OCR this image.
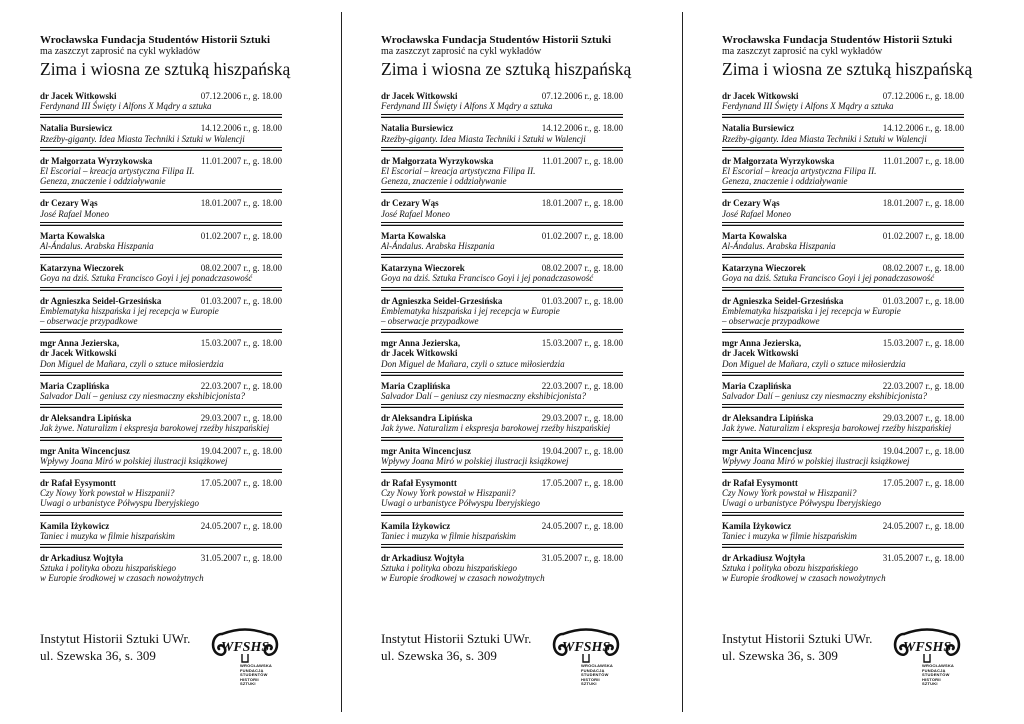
Wrocławska Fundacja Studentów Historii Sztuki
ma zaszczyt zaprosić na cykl wykładów
Zima i wiosna ze sztuką hiszpańską
dr Jacek Witkowski	07.12.2006 r., g. 18.00
Ferdynand III Święty i Alfons X Mądry a sztuka
Natalia Bursiewicz	14.12.2006 r., g. 18.00
Rzeźby-giganty. Idea Miasta Techniki i Sztuki w Walencji
dr Małgorzata Wyrzykowska	11.01.2007 r., g. 18.00
El Escorial – kreacja artystyczna Filipa II.
Geneza, znaczenie i oddziaływanie
dr Cezary Wąs	18.01.2007 r., g. 18.00
José Rafael Moneo
Marta Kowalska	01.02.2007 r., g. 18.00
Al-Ándalus. Arabska Hiszpania
Katarzyna Wieczorek	08.02.2007 r., g. 18.00
Goya na dziś. Sztuka Francisco Goyi i jej ponadczasowość
dr Agnieszka Seidel-Grzesińska	01.03.2007 r., g. 18.00
Emblematyka hiszpańska i jej recepcja w Europie
– obserwacje przypadkowe
mgr Anna Jezierska,	15.03.2007 r., g. 18.00
dr Jacek Witkowski
Don Miguel de Mañara, czyli o sztuce miłosierdzia
Maria Czaplińska	22.03.2007 r., g. 18.00
Salvador Dalí – geniusz czy niesmaczny ekshibicjonista?
dr Aleksandra Lipińska	29.03.2007 r., g. 18.00
Jak żywe. Naturalizm i ekspresja barokowej rzeźby hiszpańskiej
mgr Anita Wincencjusz	19.04.2007 r., g. 18.00
Wpływy Joana Miró w polskiej ilustracji książkowej
dr Rafał Eysymontt	17.05.2007 r., g. 18.00
Czy Nowy York powstał w Hiszpanii?
Uwagi o urbanistyce Półwyspu Iberyjskiego
Kamila Iżykowicz	24.05.2007 r., g. 18.00
Taniec i muzyka w filmie hiszpańskim
dr Arkadiusz Wojtyła	31.05.2007 r., g. 18.00
Sztuka i polityka obozu hiszpańskiego
w Europie środkowej w czasach nowożytnych
Instytut Historii Sztuki UWr.
ul. Szewska 36, s. 309
WFSHS
WROCŁAWSKA
FUNDACJA
STUDENTÓW
HISTORII
SZTUKI
Wrocławska Fundacja Studentów Historii Sztuki
ma zaszczyt zaprosić na cykl wykładów
Zima i wiosna ze sztuką hiszpańską
dr Jacek Witkowski	07.12.2006 r., g. 18.00
Ferdynand III Święty i Alfons X Mądry a sztuka
Natalia Bursiewicz	14.12.2006 r., g. 18.00
Rzeźby-giganty. Idea Miasta Techniki i Sztuki w Walencji
dr Małgorzata Wyrzykowska	11.01.2007 r., g. 18.00
El Escorial – kreacja artystyczna Filipa II.
Geneza, znaczenie i oddziaływanie
dr Cezary Wąs	18.01.2007 r., g. 18.00
José Rafael Moneo
Marta Kowalska	01.02.2007 r., g. 18.00
Al-Ándalus. Arabska Hiszpania
Katarzyna Wieczorek	08.02.2007 r., g. 18.00
Goya na dziś. Sztuka Francisco Goyi i jej ponadczasowość
dr Agnieszka Seidel-Grzesińska	01.03.2007 r., g. 18.00
Emblematyka hiszpańska i jej recepcja w Europie
– obserwacje przypadkowe
mgr Anna Jezierska,	15.03.2007 r., g. 18.00
dr Jacek Witkowski
Don Miguel de Mañara, czyli o sztuce miłosierdzia
Maria Czaplińska	22.03.2007 r., g. 18.00
Salvador Dalí – geniusz czy niesmaczny ekshibicjonista?
dr Aleksandra Lipińska	29.03.2007 r., g. 18.00
Jak żywe. Naturalizm i ekspresja barokowej rzeźby hiszpańskiej
mgr Anita Wincencjusz	19.04.2007 r., g. 18.00
Wpływy Joana Miró w polskiej ilustracji książkowej
dr Rafał Eysymontt	17.05.2007 r., g. 18.00
Czy Nowy York powstał w Hiszpanii?
Uwagi o urbanistyce Półwyspu Iberyjskiego
Kamila Iżykowicz	24.05.2007 r., g. 18.00
Taniec i muzyka w filmie hiszpańskim
dr Arkadiusz Wojtyła	31.05.2007 r., g. 18.00
Sztuka i polityka obozu hiszpańskiego
w Europie środkowej w czasach nowożytnych
Instytut Historii Sztuki UWr.
ul. Szewska 36, s. 309
WFSHS
WROCŁAWSKA
FUNDACJA
STUDENTÓW
HISTORII
SZTUKI
Wrocławska Fundacja Studentów Historii Sztuki
ma zaszczyt zaprosić na cykl wykładów
Zima i wiosna ze sztuką hiszpańską
dr Jacek Witkowski	07.12.2006 r., g. 18.00
Ferdynand III Święty i Alfons X Mądry a sztuka
Natalia Bursiewicz	14.12.2006 r., g. 18.00
Rzeźby-giganty. Idea Miasta Techniki i Sztuki w Walencji
dr Małgorzata Wyrzykowska	11.01.2007 r., g. 18.00
El Escorial – kreacja artystyczna Filipa II.
Geneza, znaczenie i oddziaływanie
dr Cezary Wąs	18.01.2007 r., g. 18.00
José Rafael Moneo
Marta Kowalska	01.02.2007 r., g. 18.00
Al-Ándalus. Arabska Hiszpania
Katarzyna Wieczorek	08.02.2007 r., g. 18.00
Goya na dziś. Sztuka Francisco Goyi i jej ponadczasowość
dr Agnieszka Seidel-Grzesińska	01.03.2007 r., g. 18.00
Emblematyka hiszpańska i jej recepcja w Europie
– obserwacje przypadkowe
mgr Anna Jezierska,	15.03.2007 r., g. 18.00
dr Jacek Witkowski
Don Miguel de Mañara, czyli o sztuce miłosierdzia
Maria Czaplińska	22.03.2007 r., g. 18.00
Salvador Dalí – geniusz czy niesmaczny ekshibicjonista?
dr Aleksandra Lipińska	29.03.2007 r., g. 18.00
Jak żywe. Naturalizm i ekspresja barokowej rzeźby hiszpańskiej
mgr Anita Wincencjusz	19.04.2007 r., g. 18.00
Wpływy Joana Miró w polskiej ilustracji książkowej
dr Rafał Eysymontt	17.05.2007 r., g. 18.00
Czy Nowy York powstał w Hiszpanii?
Uwagi o urbanistyce Półwyspu Iberyjskiego
Kamila Iżykowicz	24.05.2007 r., g. 18.00
Taniec i muzyka w filmie hiszpańskim
dr Arkadiusz Wojtyła	31.05.2007 r., g. 18.00
Sztuka i polityka obozu hiszpańskiego
w Europie środkowej w czasach nowożytnych
Instytut Historii Sztuki UWr.
ul. Szewska 36, s. 309
WFSHS
WROCŁAWSKA
FUNDACJA
STUDENTÓW
HISTORII
SZTUKI
